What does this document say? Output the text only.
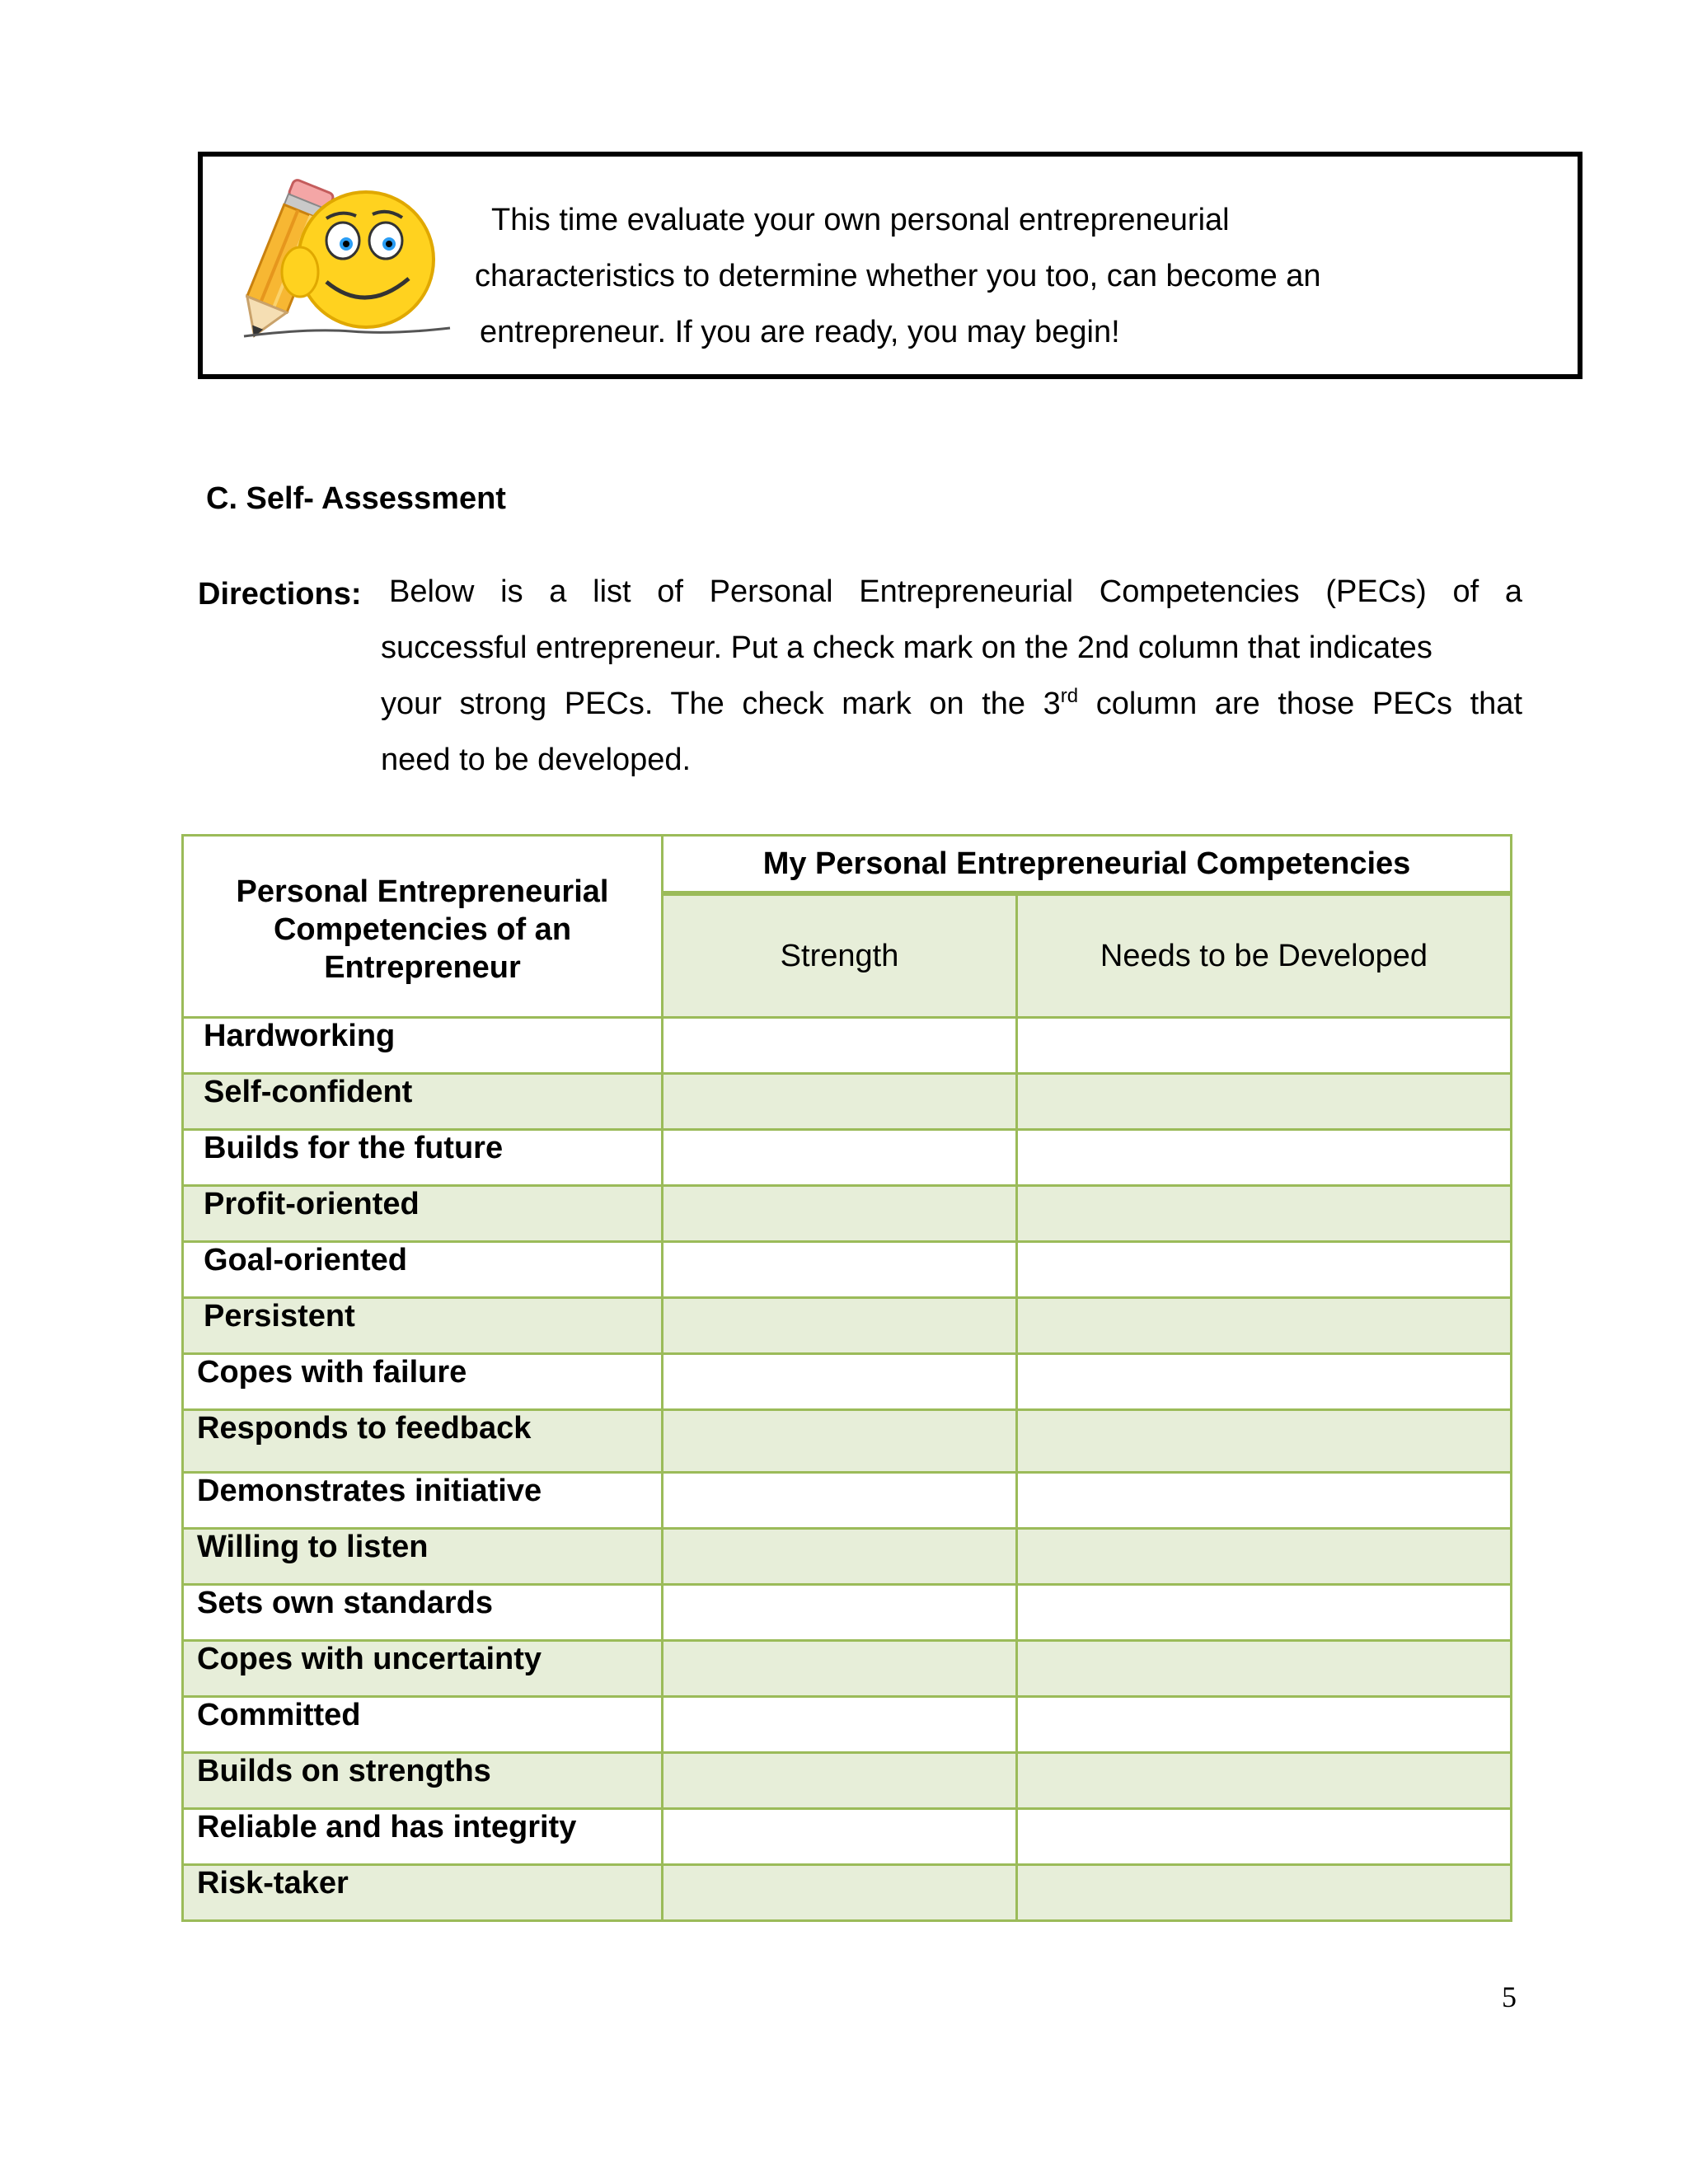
This time evaluate your own personal entrepreneurial
characteristics to determine whether you too, can become an
entrepreneur. If you are ready, you may begin!
C. Self- Assessment
Directions: Below is a list of Personal Entrepreneurial Competencies (PECs) of a
successful entrepreneur. Put a check mark on the 2nd column that indicates
your strong PECs. The check mark on the 3rd column are those PECs that
need to be developed.
Personal Entrepreneurial
Competencies of an
Entrepreneur	My Personal Entrepreneurial Competencies	
	Strength	Needs to be Developed
Hardworking		
Self-confident		
Builds for the future		
Profit-oriented		
Goal-oriented		
Persistent		
Copes with failure		
Responds to feedback		
Demonstrates initiative		
Willing to listen		
Sets own standards		
Copes with uncertainty		
Committed		
Builds on strengths		
Reliable and has integrity		
Risk-taker		
5
